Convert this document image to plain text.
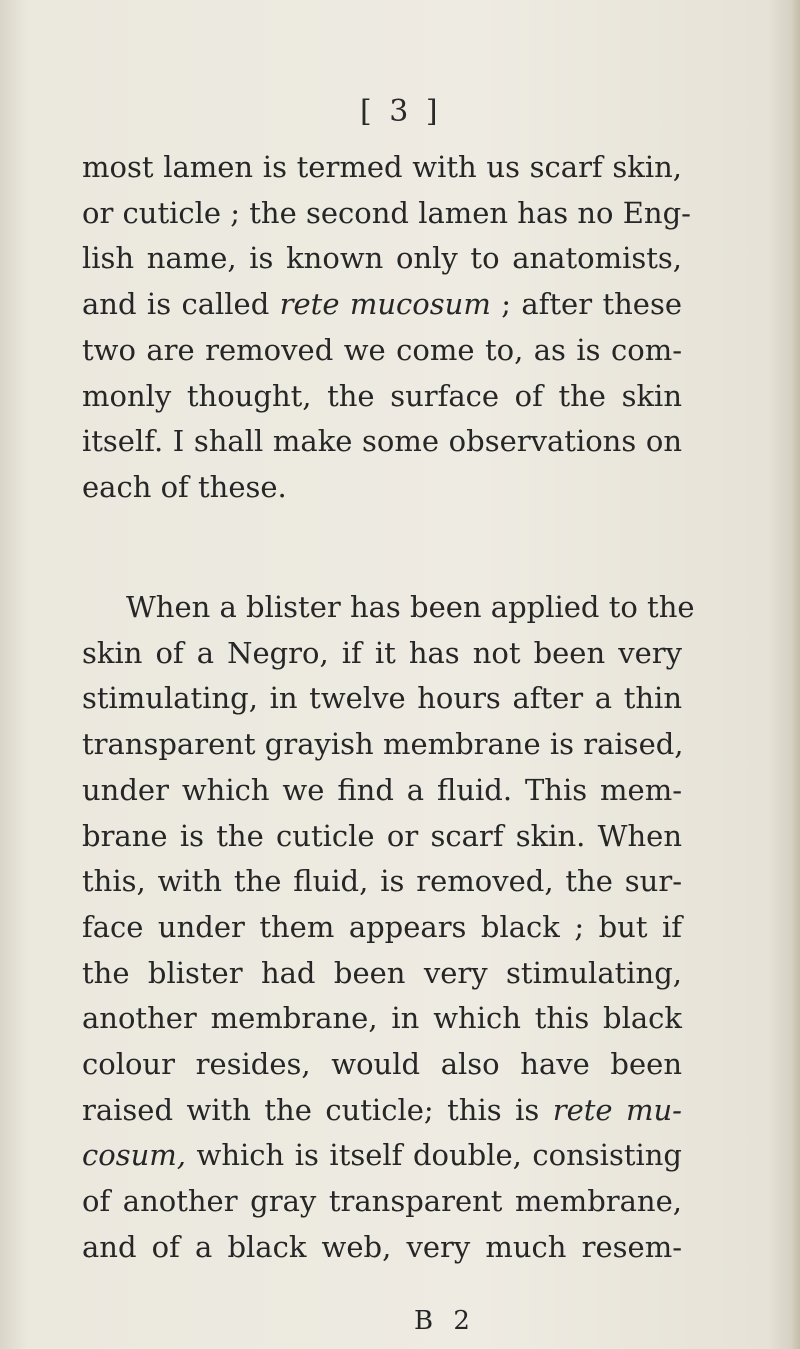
[ 3 ]
most lamen is termed with us scarf skin,
or cuticle ; the second lamen has no Eng-
lish name, is known only to anatomists,
and is called rete mucosum ; after these
two are removed we come to, as is com-
monly thought, the surface of the skin
itself. I shall make some observations on
each of these.
When a blister has been applied to the
skin of a Negro, if it has not been very
stimulating, in twelve hours after a thin
transparent grayish membrane is raised,
under which we find a fluid. This mem-
brane is the cuticle or scarf skin. When
this, with the fluid, is removed, the sur-
face under them appears black ; but if
the blister had been very stimulating,
another membrane, in which this black
colour resides, would also have been
raised with the cuticle; this is rete mu-
cosum, which is itself double, consisting
of another gray transparent membrane,
and of a black web, very much resem-
B 2
